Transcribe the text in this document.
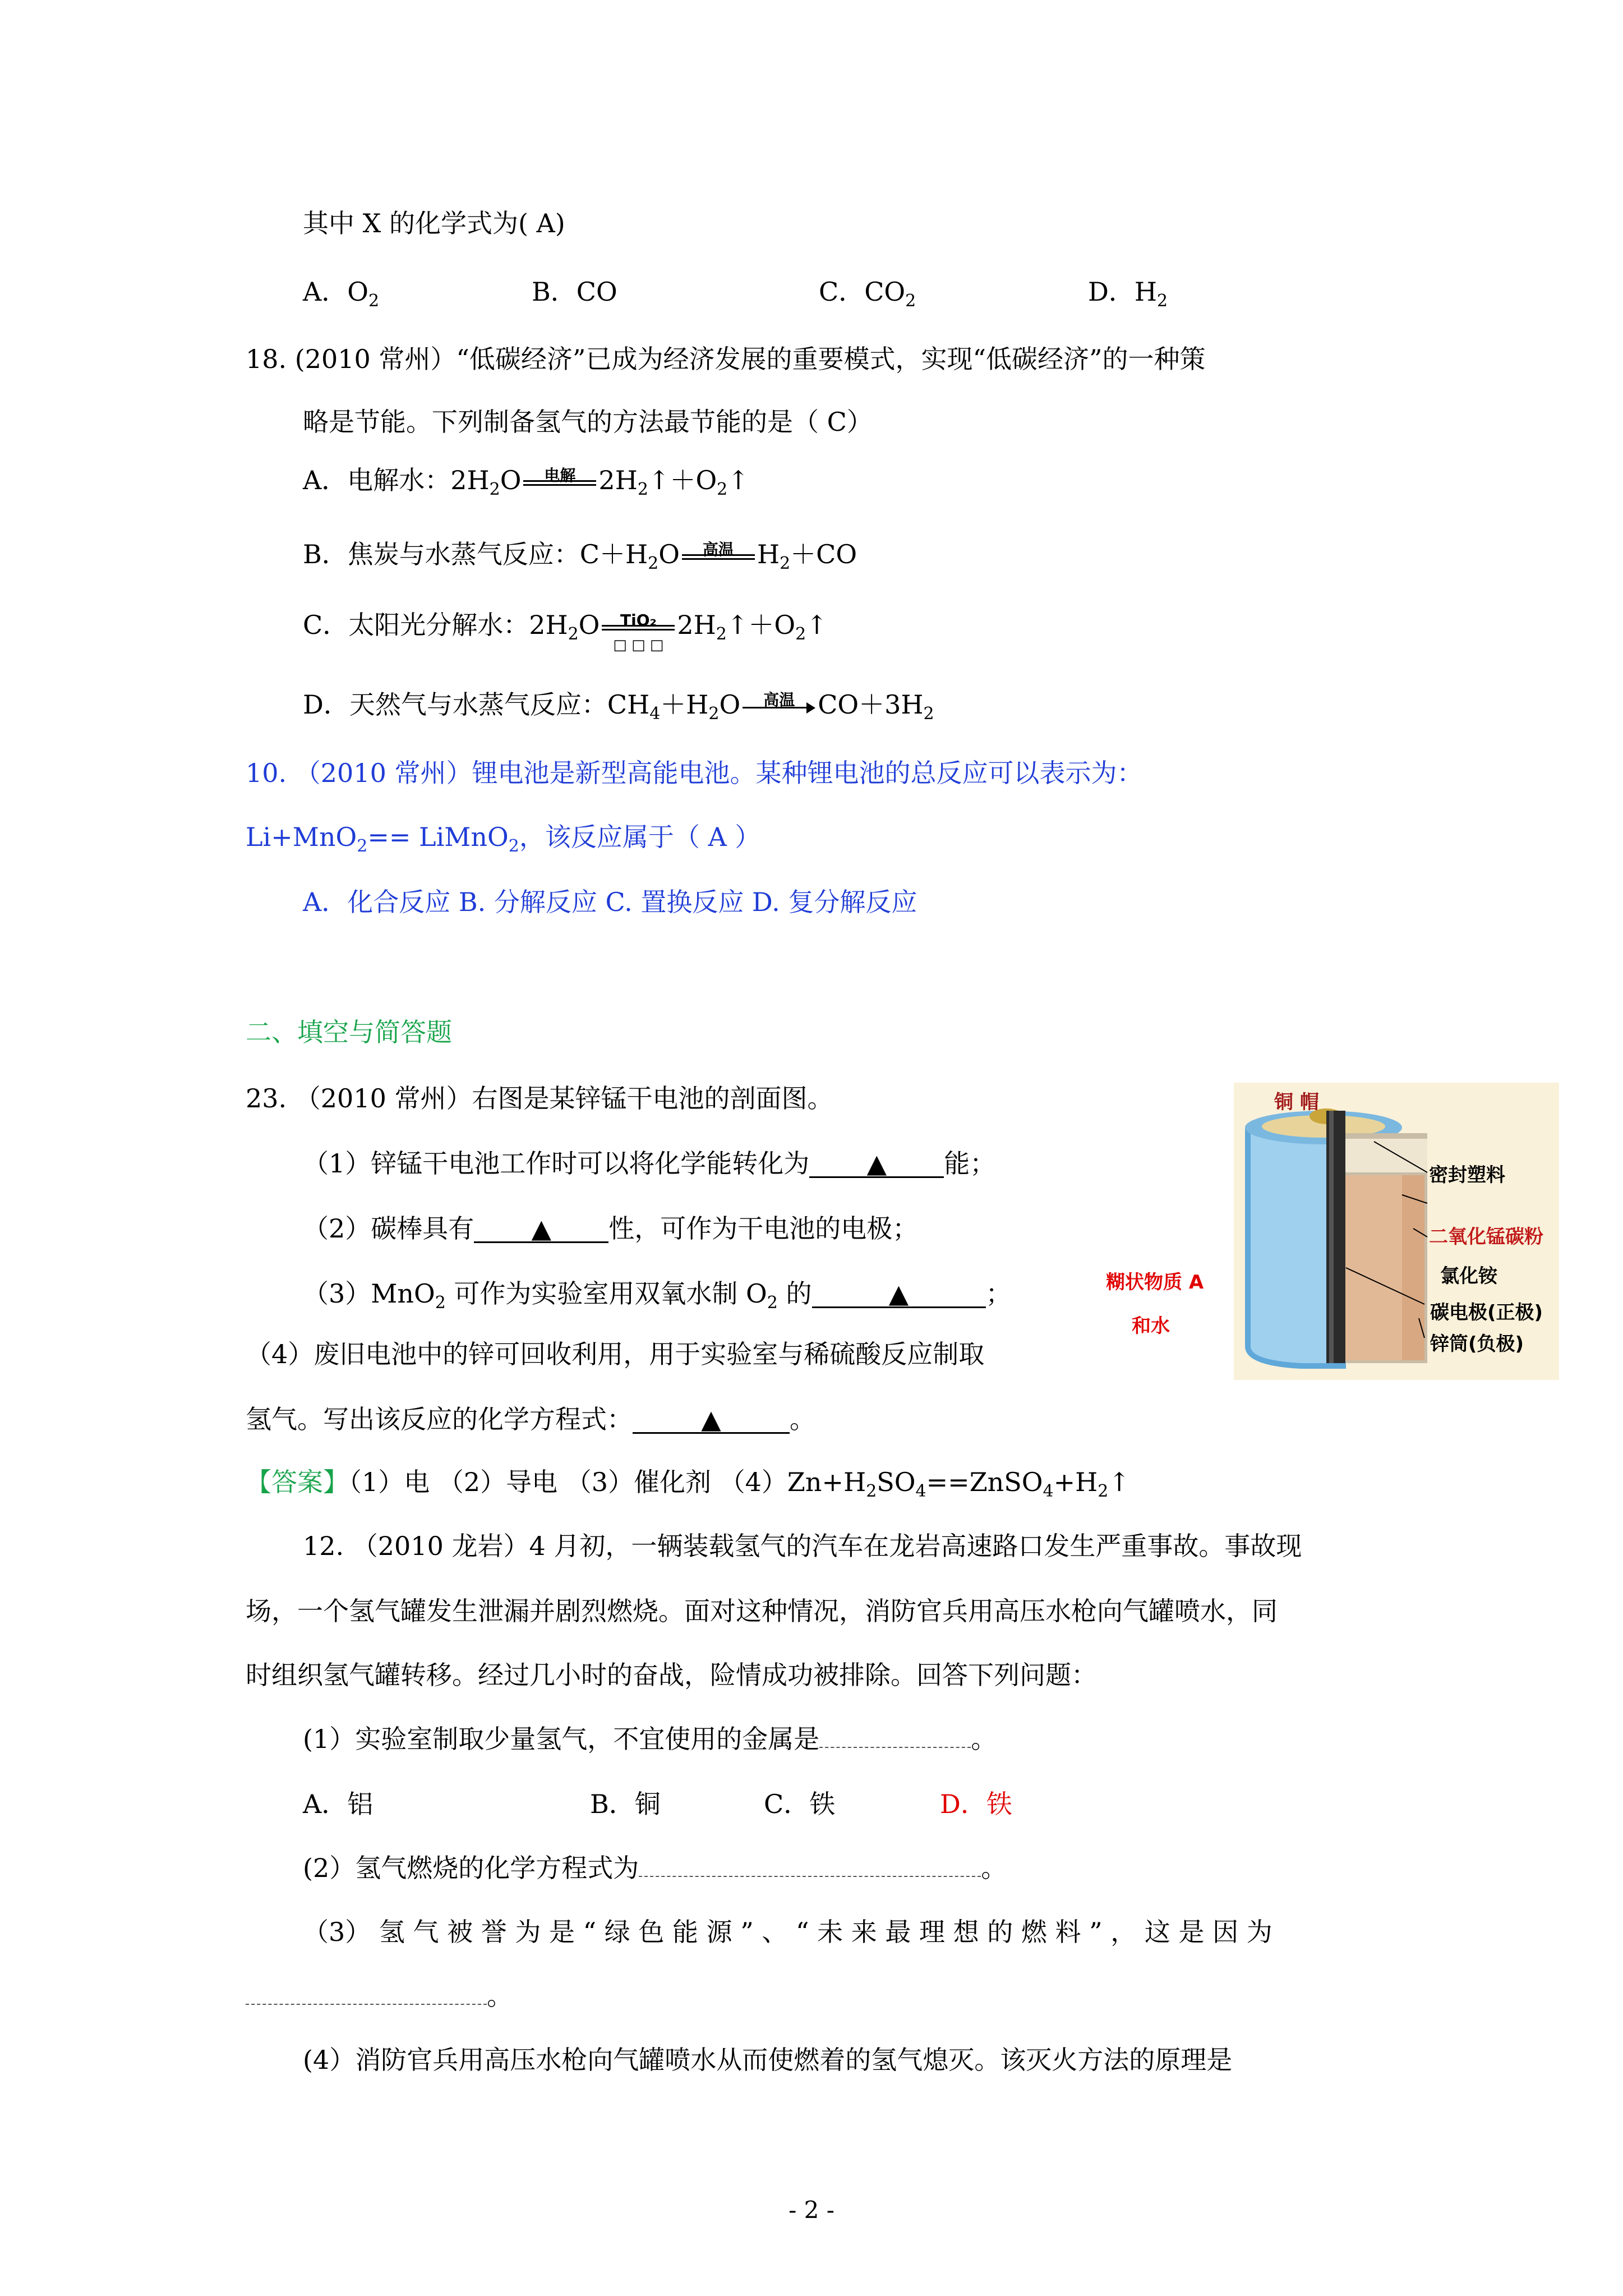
其中 X 的化学式为( A)
A．$O_2$	B．CO	C．$CO_2$	D．$H_2$
18. (2010 常州）“低碳经济”已成为经济发展的重要模式，实现“低碳经济”的一种策
略是节能。下列制备氢气的方法最节能的是（ C）
A．电解水：$2H_2O$	电解 $2H_2↑+O_2↑$
B．焦炭与水蒸气反应：$C+H_2O$	高温 $H_2+CO$
C．太阳光分解水：$2H_2O$	TiO₂
□ □ □
$2H_2↑+O_2↑$
D．天然气与水蒸气反应：$CH_4+H_2O$	高温 $CO+3H_2$
10. （2010 常州）锂电池是新型高能电池。某种锂电池的总反应可以表示为：
Li+MnO$_2$== LiMnO$_2$，该反应属于（ A ）
A．化合反应 B. 分解反应 C. 置换反应 D. 复分解反应
二、填空与简答题
23. （2010 常州）右图是某锌锰干电池的剖面图。
（1）锌锰干电池工作时可以将化学能转化为 ▲ 能；
（2）碳棒具有 ▲ 性，可作为干电池的电极；
（3）MnO$_2$ 可作为实验室用双氧水制 $O_2$ 的	▲	；
（4）废旧电池中的锌可回收利用，用于实验室与稀硫酸反应制取
氢气。写出该反应的化学方程式：	▲	。
【答案】（1）电 （2）导电 （3）催化剂 $(4)Zn+H_2SO_4==ZnSO_4+H_2↑$
12. （2010 龙岩）4 月初，一辆装载氢气的汽车在龙岩高速路口发生严重事故。事故现
场，一个氢气罐发生泄漏并剧烈燃烧。面对这种情况，消防官兵用高压水枪向气罐喷水，同
时组织氢气罐转移。经过几小时的奋战，险情成功被排除。回答下列问题：
(1）实验室制取少量氢气，不宜使用的金属是	。
A．铝	B．铜	C．铁	D．铁
(2）氢气燃烧的化学方程式为	。
（3） 氢 气 被 誉 为 是 “ 绿 色 能 源 ” 、 “ 未 来 最 理 想 的 燃 料 ” ， 这 是 因 为
。
(4）消防官兵用高压水枪向气罐喷水从而使燃着的氢气熄灭。该灭火方法的原理是
铜 帽
密封塑料
二氧化锰碳粉
氯化铵
碳电极(正极)
锌筒(负极)
糊状物质 A
和水
- 2 -
